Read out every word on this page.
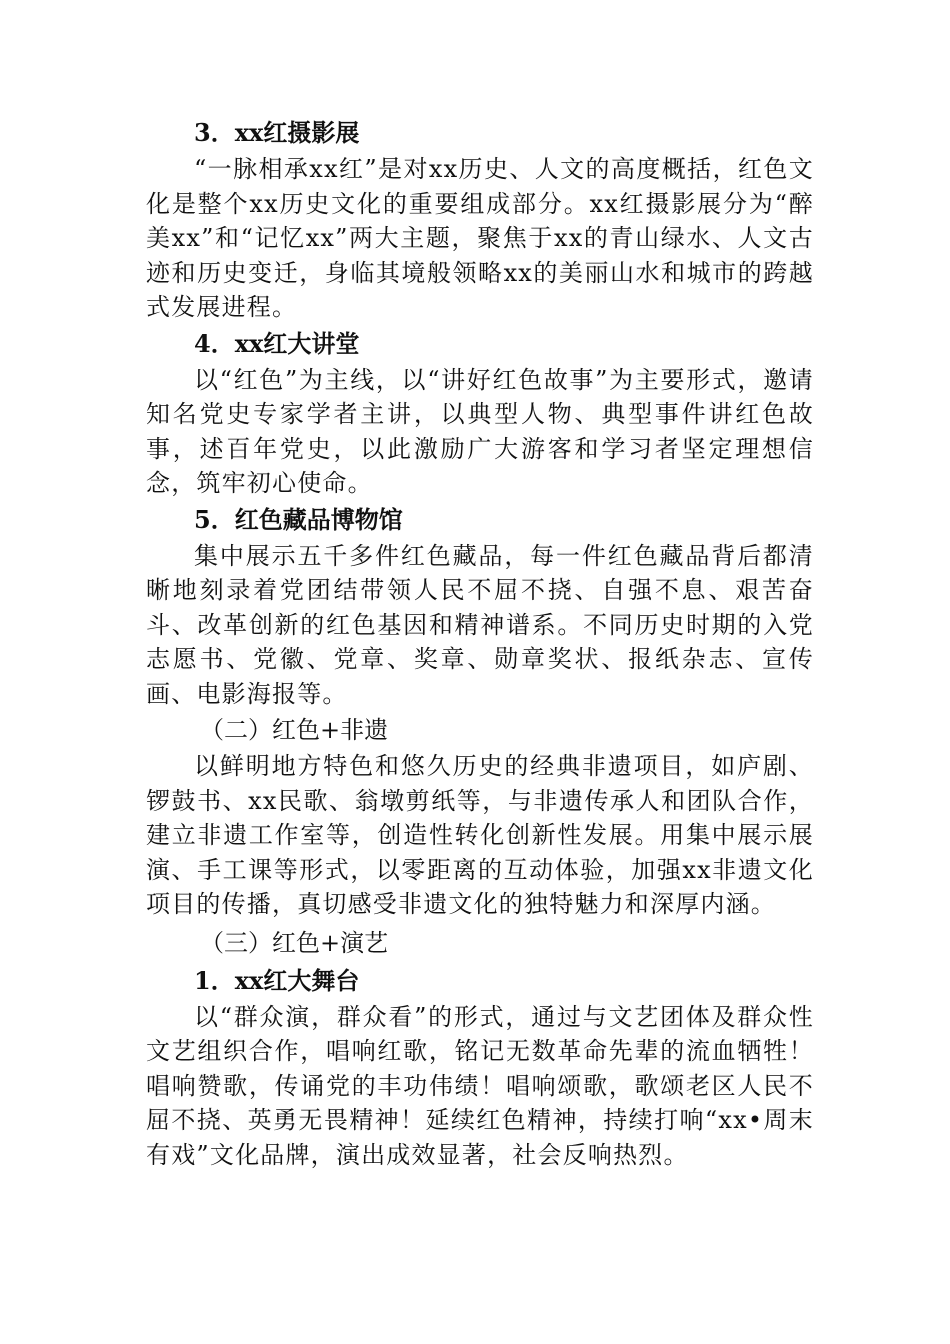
3．xx红摄影展

“一脉相承xx红”是对xx历史、人文的高度概括，红色文化是整个xx历史文化的重要组成部分。xx红摄影展分为“醉美xx”和“记忆xx”两大主题，聚焦于xx的青山绿水、人文古迹和历史变迁，身临其境般领略xx的美丽山水和城市的跨越式发展进程。

4．xx红大讲堂

以“红色”为主线，以“讲好红色故事”为主要形式，邀请知名党史专家学者主讲，以典型人物、典型事件讲红色故事，述百年党史，以此激励广大游客和学习者坚定理想信念，筑牢初心使命。

5．红色藏品博物馆

集中展示五千多件红色藏品，每一件红色藏品背后都清晰地刻录着党团结带领人民不屈不挠、自强不息、艰苦奋斗、改革创新的红色基因和精神谱系。不同历史时期的入党志愿书、党徽、党章、奖章、勋章奖状、报纸杂志、宣传画、电影海报等。

（二）红色+非遗

以鲜明地方特色和悠久历史的经典非遗项目，如庐剧、锣鼓书、xx民歌、翁墩剪纸等，与非遗传承人和团队合作，建立非遗工作室等，创造性转化创新性发展。用集中展示展演、手工课等形式，以零距离的互动体验，加强xx非遗文化项目的传播，真切感受非遗文化的独特魅力和深厚内涵。

（三）红色+演艺

1．xx红大舞台

以“群众演，群众看”的形式，通过与文艺团体及群众性文艺组织合作，唱响红歌，铭记无数革命先辈的流血牺牲！唱响赞歌，传诵党的丰功伟绩！唱响颂歌，歌颂老区人民不屈不挠、英勇无畏精神！延续红色精神，持续打响“xx•周末有戏”文化品牌，演出成效显著，社会反响热烈。
